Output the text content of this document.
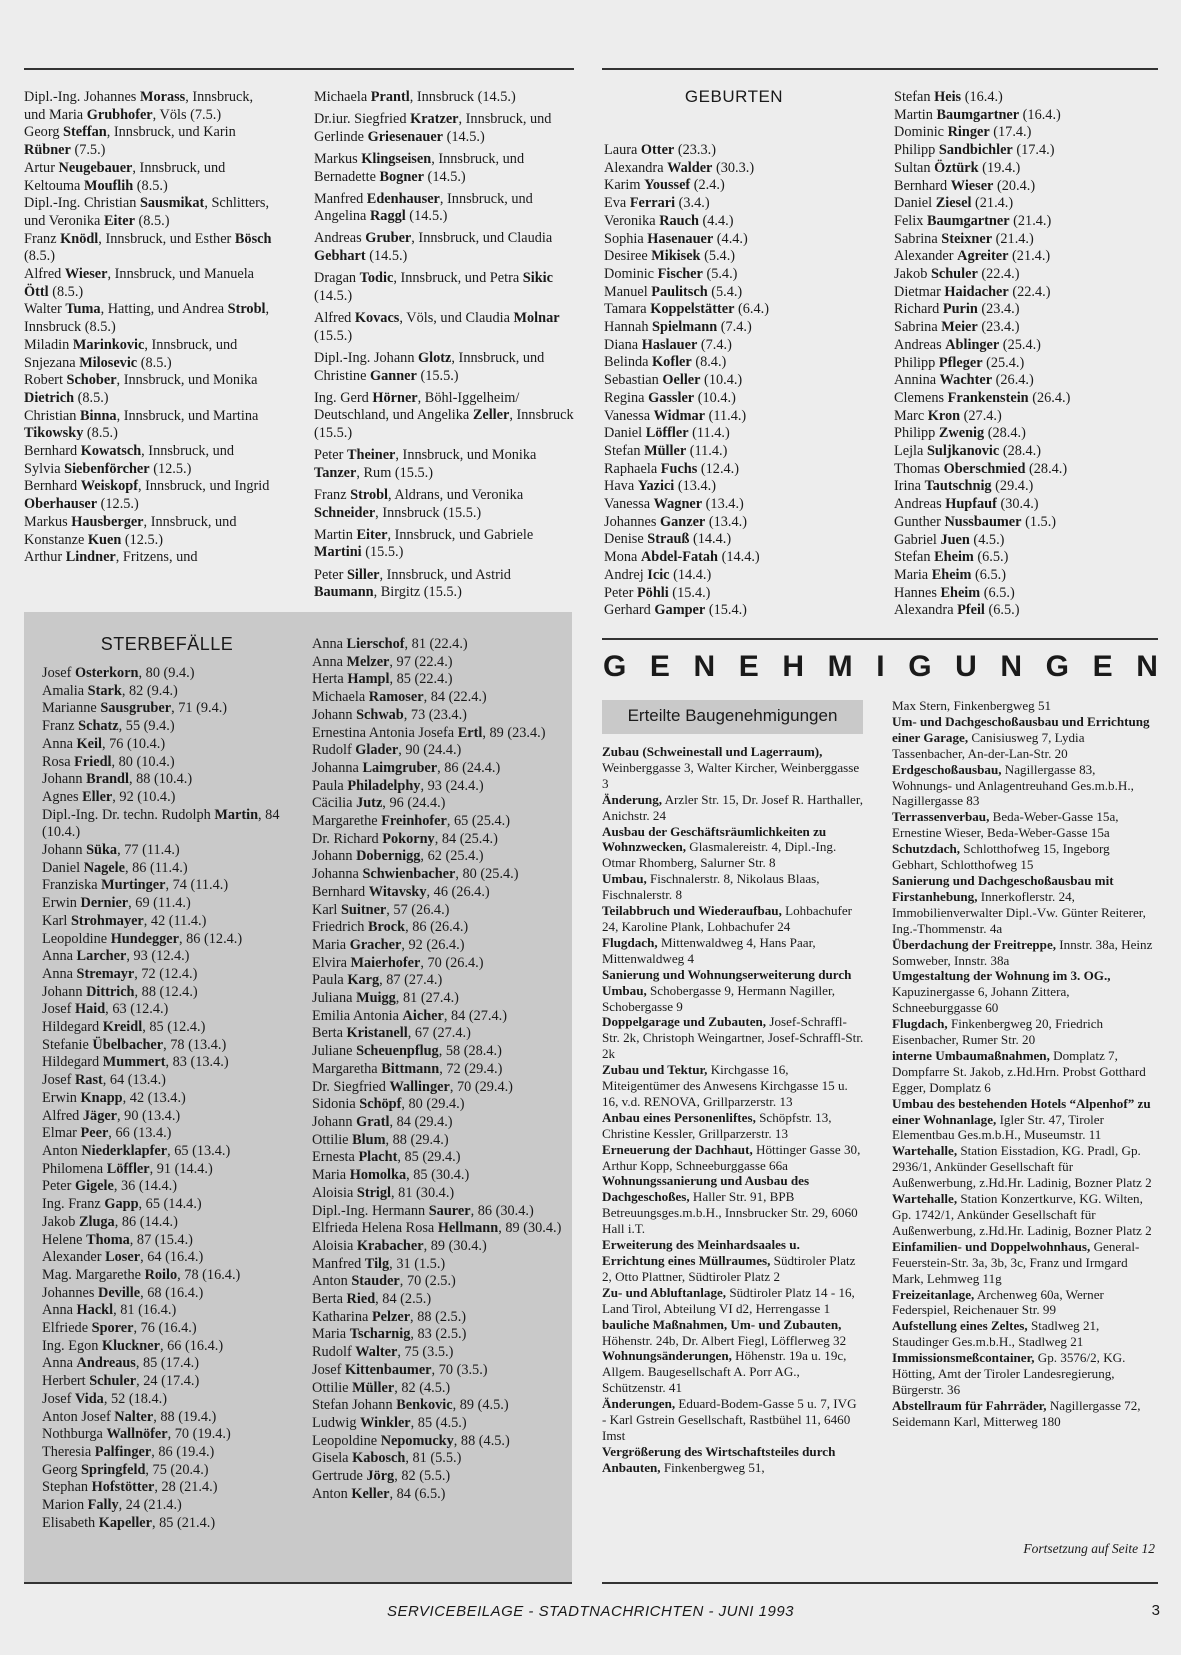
Dipl.-Ing. Johannes Morass, Innsbruck, und Maria Grubhofer, Völs (7.5.)
Georg Steffan, Innsbruck, und Karin Rübner (7.5.)
Artur Neugebauer, Innsbruck, und Keltouma Mouflih (8.5.)
Dipl.-Ing. Christian Sausmikat, Schlitters, und Veronika Eiter (8.5.)
Franz Knödl, Innsbruck, und Esther Bösch (8.5.)
Alfred Wieser, Innsbruck, und Manuela Öttl (8.5.)
Walter Tuma, Hatting, und Andrea Strobl, Innsbruck (8.5.)
Miladin Marinkovic, Innsbruck, und Snjezana Milosevic (8.5.)
Robert Schober, Innsbruck, und Monika Dietrich (8.5.)
Christian Binna, Innsbruck, und Martina Tikowsky (8.5.)
Bernhard Kowatsch, Innsbruck, und Sylvia Siebenförcher (12.5.)
Bernhard Weiskopf, Innsbruck, und Ingrid Oberhauser (12.5.)
Markus Hausberger, Innsbruck, und Konstanze Kuen (12.5.)
Arthur Lindner, Fritzens, und
Michaela Prantl, Innsbruck (14.5.)
Dr.iur. Siegfried Kratzer, Innsbruck, und Gerlinde Griesenauer (14.5.)
Markus Klingseisen, Innsbruck, und Bernadette Bogner (14.5.)
Manfred Edenhauser, Innsbruck, und Angelina Raggl (14.5.)
Andreas Gruber, Innsbruck, und Claudia Gebhart (14.5.)
Dragan Todic, Innsbruck, und Petra Sikic (14.5.)
Alfred Kovacs, Völs, und Claudia Molnar (15.5.)
Dipl.-Ing. Johann Glotz, Innsbruck, und Christine Ganner (15.5.)
Ing. Gerd Hörner, Böhl-Iggelheim/ Deutschland, und Angelika Zeller, Innsbruck (15.5.)
Peter Theiner, Innsbruck, und Monika Tanzer, Rum (15.5.)
Franz Strobl, Aldrans, und Veronika Schneider, Innsbruck (15.5.)
Martin Eiter, Innsbruck, und Gabriele Martini (15.5.)
Peter Siller, Innsbruck, und Astrid Baumann, Birgitz (15.5.)
GEBURTEN
Laura Otter (23.3.)
Alexandra Walder (30.3.)
Karim Youssef (2.4.)
Eva Ferrari (3.4.)
Veronika Rauch (4.4.)
Sophia Hasenauer (4.4.)
Desiree Mikisek (5.4.)
Dominic Fischer (5.4.)
Manuel Paulitsch (5.4.)
Tamara Koppelstätter (6.4.)
Hannah Spielmann (7.4.)
Diana Haslauer (7.4.)
Belinda Kofler (8.4.)
Sebastian Oeller (10.4.)
Regina Gassler (10.4.)
Vanessa Widmar (11.4.)
Daniel Löffler (11.4.)
Stefan Müller (11.4.)
Raphaela Fuchs (12.4.)
Hava Yazici (13.4.)
Vanessa Wagner (13.4.)
Johannes Ganzer (13.4.)
Denise Strauß (14.4.)
Mona Abdel-Fatah (14.4.)
Andrej Icic (14.4.)
Peter Pöhli (15.4.)
Gerhard Gamper (15.4.)
Stefan Heis (16.4.)
Martin Baumgartner (16.4.)
Dominic Ringer (17.4.)
Philipp Sandbichler (17.4.)
Sultan Öztürk (19.4.)
Bernhard Wieser (20.4.)
Daniel Ziesel (21.4.)
Felix Baumgartner (21.4.)
Sabrina Steixner (21.4.)
Alexander Agreiter (21.4.)
Jakob Schuler (22.4.)
Dietmar Haidacher (22.4.)
Richard Purin (23.4.)
Sabrina Meier (23.4.)
Andreas Ablinger (25.4.)
Philipp Pfleger (25.4.)
Annina Wachter (26.4.)
Clemens Frankenstein (26.4.)
Marc Kron (27.4.)
Philipp Zwenig (28.4.)
Lejla Suljkanovic (28.4.)
Thomas Oberschmied (28.4.)
Irina Tautschnig (29.4.)
Andreas Hupfauf (30.4.)
Gunther Nussbaumer (1.5.)
Gabriel Juen (4.5.)
Stefan Eheim (6.5.)
Maria Eheim (6.5.)
Hannes Eheim (6.5.)
Alexandra Pfeil (6.5.)
STERBEFÄLLE
Josef Osterkorn, 80 (9.4.)
Amalia Stark, 82 (9.4.)
Marianne Sausgruber, 71 (9.4.)
Franz Schatz, 55 (9.4.)
Anna Keil, 76 (10.4.)
Rosa Friedl, 80 (10.4.)
Johann Brandl, 88 (10.4.)
Agnes Eller, 92 (10.4.)
Dipl.-Ing. Dr. techn. Rudolph Martin, 84 (10.4.)
Johann Süka, 77 (11.4.)
Daniel Nagele, 86 (11.4.)
Franziska Murtinger, 74 (11.4.)
Erwin Dernier, 69 (11.4.)
Karl Strohmayer, 42 (11.4.)
Leopoldine Hundegger, 86 (12.4.)
Anna Larcher, 93 (12.4.)
Anna Stremayr, 72 (12.4.)
Johann Dittrich, 88 (12.4.)
Josef Haid, 63 (12.4.)
Hildegard Kreidl, 85 (12.4.)
Stefanie Übelbacher, 78 (13.4.)
Hildegard Mummert, 83 (13.4.)
Josef Rast, 64 (13.4.)
Erwin Knapp, 42 (13.4.)
Alfred Jäger, 90 (13.4.)
Elmar Peer, 66 (13.4.)
Anton Niederklapfer, 65 (13.4.)
Philomena Löffler, 91 (14.4.)
Peter Gigele, 36 (14.4.)
Ing. Franz Gapp, 65 (14.4.)
Jakob Zluga, 86 (14.4.)
Helene Thoma, 87 (15.4.)
Alexander Loser, 64 (16.4.)
Mag. Margarethe Roilo, 78 (16.4.)
Johannes Deville, 68 (16.4.)
Anna Hackl, 81 (16.4.)
Elfriede Sporer, 76 (16.4.)
Ing. Egon Kluckner, 66 (16.4.)
Anna Andreaus, 85 (17.4.)
Herbert Schuler, 24 (17.4.)
Josef Vida, 52 (18.4.)
Anton Josef Nalter, 88 (19.4.)
Nothburga Wallnöfer, 70 (19.4.)
Theresia Palfinger, 86 (19.4.)
Georg Springfeld, 75 (20.4.)
Stephan Hofstötter, 28 (21.4.)
Marion Fally, 24 (21.4.)
Elisabeth Kapeller, 85 (21.4.)
Anna Lierschof, 81 (22.4.)
Anna Melzer, 97 (22.4.)
Herta Hampl, 85 (22.4.)
Michaela Ramoser, 84 (22.4.)
Johann Schwab, 73 (23.4.)
Ernestina Antonia Josefa Ertl, 89 (23.4.)
Rudolf Glader, 90 (24.4.)
Johanna Laimgruber, 86 (24.4.)
Paula Philadelphy, 93 (24.4.)
Cäcilia Jutz, 96 (24.4.)
Margarethe Freinhofer, 65 (25.4.)
Dr. Richard Pokorny, 84 (25.4.)
Johann Dobernigg, 62 (25.4.)
Johanna Schwienbacher, 80 (25.4.)
Bernhard Witavsky, 46 (26.4.)
Karl Suitner, 57 (26.4.)
Friedrich Brock, 86 (26.4.)
Maria Gracher, 92 (26.4.)
Elvira Maierhofer, 70 (26.4.)
Paula Karg, 87 (27.4.)
Juliana Muigg, 81 (27.4.)
Emilia Antonia Aicher, 84 (27.4.)
Berta Kristanell, 67 (27.4.)
Juliane Scheuenpflug, 58 (28.4.)
Margaretha Bittmann, 72 (29.4.)
Dr. Siegfried Wallinger, 70 (29.4.)
Sidonia Schöpf, 80 (29.4.)
Johann Gratl, 84 (29.4.)
Ottilie Blum, 88 (29.4.)
Ernesta Placht, 85 (29.4.)
Maria Homolka, 85 (30.4.)
Aloisia Strigl, 81 (30.4.)
Dipl.-Ing. Hermann Saurer, 86 (30.4.)
Elfrieda Helena Rosa Hellmann, 89 (30.4.)
Aloisia Krabacher, 89 (30.4.)
Manfred Tilg, 31 (1.5.)
Anton Stauder, 70 (2.5.)
Berta Ried, 84 (2.5.)
Katharina Pelzer, 88 (2.5.)
Maria Tscharnig, 83 (2.5.)
Rudolf Walter, 75 (3.5.)
Josef Kittenbaumer, 70 (3.5.)
Ottilie Müller, 82 (4.5.)
Stefan Johann Benkovic, 89 (4.5.)
Ludwig Winkler, 85 (4.5.)
Leopoldine Nepomucky, 88 (4.5.)
Gisela Kabosch, 81 (5.5.)
Gertrude Jörg, 82 (5.5.)
Anton Keller, 84 (6.5.)
GENEHMIGUNGEN
Erteilte Baugenehmigungen
Zubau (Schweinestall und Lagerraum), Weinberggasse 3, Walter Kircher, Weinberggasse 3
Änderung, Arzler Str. 15, Dr. Josef R. Harthaller, Anichstr. 24
Ausbau der Geschäftsräumlichkeiten zu Wohnzwecken, Glasmalereistr. 4, Dipl.-Ing. Otmar Rhomberg, Salurner Str. 8
Umbau, Fischnalerstr. 8, Nikolaus Blaas, Fischnalerstr. 8
Teilabbruch und Wiederaufbau, Lohbachufer 24, Karoline Plank, Lohbachufer 24
Flugdach, Mittenwaldweg 4, Hans Paar, Mittenwaldweg 4
Sanierung und Wohnungserweiterung durch Umbau, Schobergasse 9, Hermann Nagiller, Schobergasse 9
Doppelgarage und Zubauten, Josef-Schraffl-Str. 2k, Christoph Weingartner, Josef-Schraffl-Str. 2k
Zubau und Tektur, Kirchgasse 16, Miteigentümer des Anwesens Kirchgasse 15 u. 16, v.d. RENOVA, Grillparzerstr. 13
Anbau eines Personenliftes, Schöpfstr. 13, Christine Kessler, Grillparzerstr. 13
Erneuerung der Dachhaut, Höttinger Gasse 30, Arthur Kopp, Schneeburggasse 66a
Wohnungssanierung und Ausbau des Dachgeschoßes, Haller Str. 91, BPB Betreuungsges.m.b.H., Innsbrucker Str. 29, 6060 Hall i.T.
Erweiterung des Meinhardsaales u. Errichtung eines Müllraumes, Südtiroler Platz 2, Otto Plattner, Südtiroler Platz 2
Zu- und Abluftanlage, Südtiroler Platz 14 - 16, Land Tirol, Abteilung VI d2, Herrengasse 1
bauliche Maßnahmen, Um- und Zubauten, Höhenstr. 24b, Dr. Albert Fiegl, Löfflerweg 32
Wohnungsänderungen, Höhenstr. 19a u. 19c, Allgem. Baugesellschaft A. Porr AG., Schützenstr. 41
Änderungen, Eduard-Bodem-Gasse 5 u. 7, IVG - Karl Gstrein Gesellschaft, Rastbühel 11, 6460 Imst
Vergrößerung des Wirtschaftsteiles durch Anbauten, Finkenbergweg 51,
Max Stern, Finkenbergweg 51
Um- und Dachgeschoßausbau und Errichtung einer Garage, Canisiusweg 7, Lydia Tassenbacher, An-der-Lan-Str. 20
Erdgeschoßausbau, Nagillergasse 83, Wohnungs- und Anlagentreuhand Ges.m.b.H., Nagillergasse 83
Terrassenverbau, Beda-Weber-Gasse 15a, Ernestine Wieser, Beda-Weber-Gasse 15a
Schutzdach, Schlotthofweg 15, Ingeborg Gebhart, Schlotthofweg 15
Sanierung und Dachgeschoßausbau mit Firstanhebung, Innerkoflerstr. 24, Immobilienverwalter Dipl.-Vw. Günter Reiterer, Ing.-Thommenstr. 4a
Überdachung der Freitreppe, Innstr. 38a, Heinz Somweber, Innstr. 38a
Umgestaltung der Wohnung im 3. OG., Kapuzinergasse 6, Johann Zittera, Schneeburggasse 60
Flugdach, Finkenbergweg 20, Friedrich Eisenbacher, Rumer Str. 20
interne Umbaumaßnahmen, Domplatz 7, Dompfarre St. Jakob, z.Hd.Hrn. Probst Gotthard Egger, Domplatz 6
Umbau des bestehenden Hotels “Alpenhof” zu einer Wohnanlage, Igler Str. 47, Tiroler Elementbau Ges.m.b.H., Museumstr. 11
Wartehalle, Station Eisstadion, KG. Pradl, Gp. 2936/1, Ankünder Gesellschaft für Außenwerbung, z.Hd.Hr. Ladinig, Bozner Platz 2
Wartehalle, Station Konzertkurve, KG. Wilten, Gp. 1742/1, Ankünder Gesellschaft für Außenwerbung, z.Hd.Hr. Ladinig, Bozner Platz 2
Einfamilien- und Doppelwohnhaus, General-Feuerstein-Str. 3a, 3b, 3c, Franz und Irmgard Mark, Lehmweg 11g
Freizeitanlage, Archenweg 60a, Werner Federspiel, Reichenauer Str. 99
Aufstellung eines Zeltes, Stadlweg 21, Staudinger Ges.m.b.H., Stadlweg 21
Immissionsmeßcontainer, Gp. 3576/2, KG. Hötting, Amt der Tiroler Landesregierung, Bürgerstr. 36
Abstellraum für Fahrräder, Nagillergasse 72, Seidemann Karl, Mitterweg 180
Fortsetzung auf Seite 12
SERVICEBEILAGE - STADTNACHRICHTEN - JUNI 1993	3
